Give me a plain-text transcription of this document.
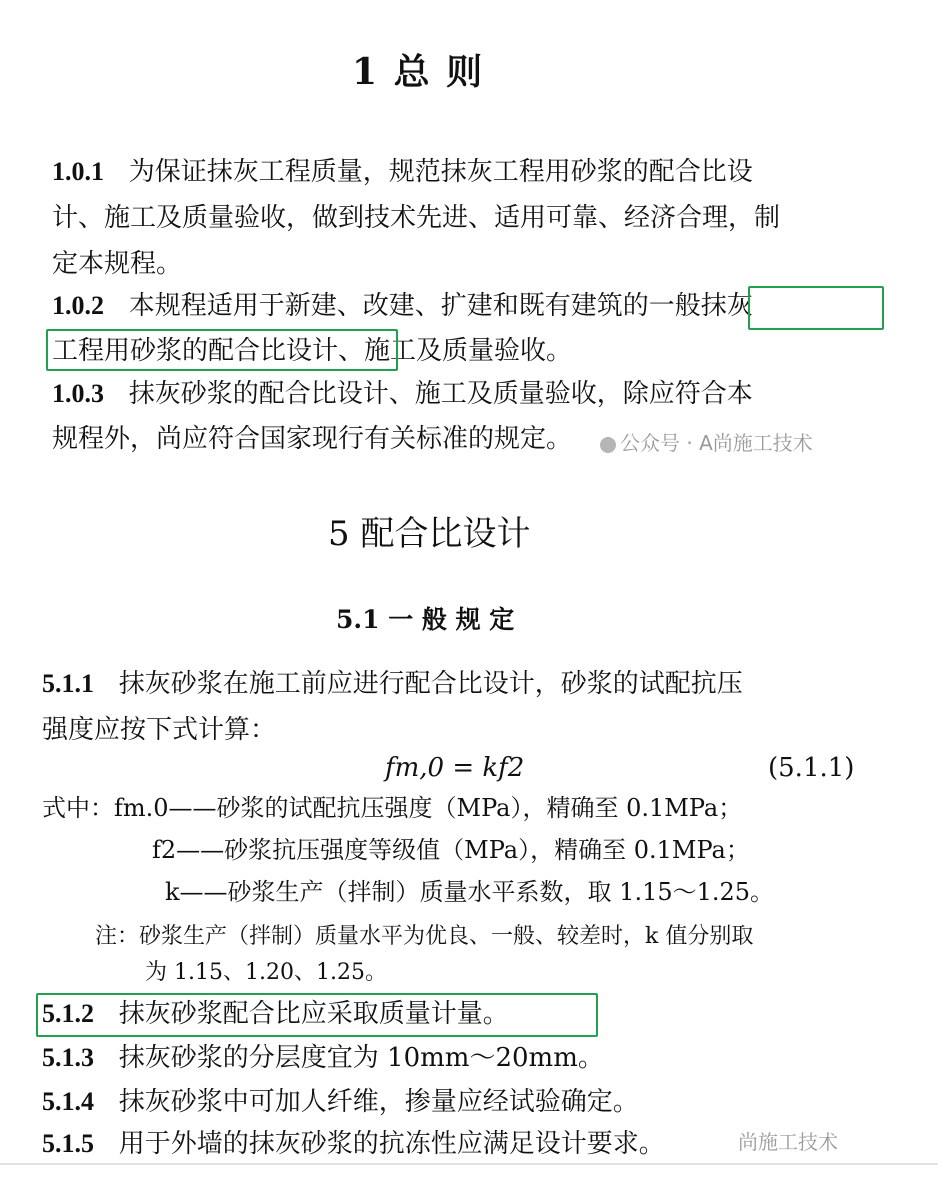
1 总 则
1.0.1 为保证抹灰工程质量，规范抹灰工程用砂浆的配合比设
计、施工及质量验收，做到技术先进、适用可靠、经济合理，制
定本规程。
1.0.2 本规程适用于新建、改建、扩建和既有建筑的一般抹灰
工程用砂浆的配合比设计、施工及质量验收。
1.0.3 抹灰砂浆的配合比设计、施工及质量验收，除应符合本
规程外，尚应符合国家现行有关标准的规定。	公众号 · A尚施工技术
5 配合比设计
5.1 一 般 规 定
5.1.1 抹灰砂浆在施工前应进行配合比设计，砂浆的试配抗压
强度应按下式计算：
fm,0 = kf2	(5.1.1)
式中：fm.0——砂浆的试配抗压强度（MPa），精确至 0.1MPa；
f2——砂浆抗压强度等级值（MPa），精确至 0.1MPa；
k——砂浆生产（拌制）质量水平系数，取 1.15～1.25。
注：砂浆生产（拌制）质量水平为优良、一般、较差时，k 值分别取
为 1.15、1.20、1.25。
5.1.2 抹灰砂浆配合比应采取质量计量。
5.1.3 抹灰砂浆的分层度宜为 10mm～20mm。
5.1.4 抹灰砂浆中可加人纤维，掺量应经试验确定。
5.1.5 用于外墙的抹灰砂浆的抗冻性应满足设计要求。	尚施工技术
